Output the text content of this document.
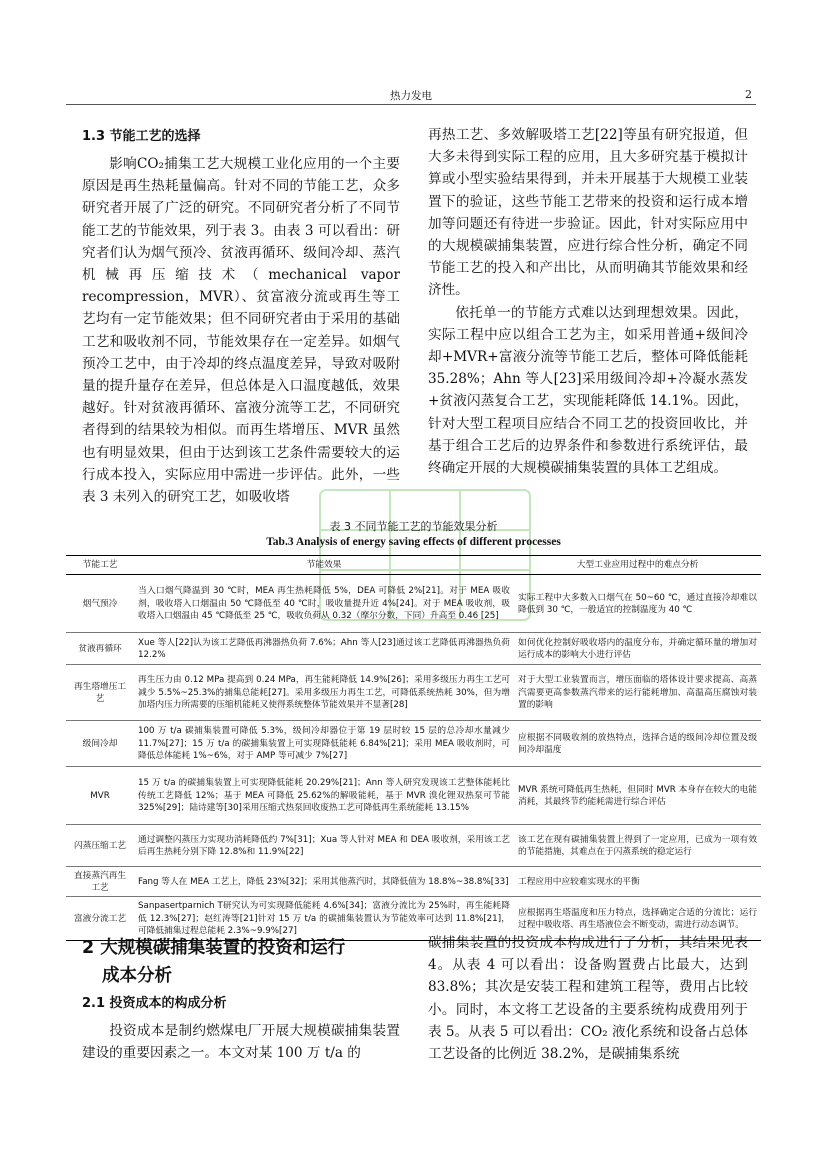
热力发电	2
1.3 节能工艺的选择

影响CO₂捕集工艺大规模工业化应用的一个主要原因是再生热耗量偏高。针对不同的节能工艺，众多研究者开展了广泛的研究。不同研究者分析了不同节能工艺的节能效果，列于表 3。由表 3 可以看出：研究者们认为烟气预冷、贫液再循环、级间冷却、蒸汽机械再压缩技术（mechanical vapor recompression，MVR）、贫富液分流或再生等工艺均有一定节能效果；但不同研究者由于采用的基础工艺和吸收剂不同，节能效果存在一定差异。如烟气预冷工艺中，由于冷却的终点温度差异，导致对吸附量的提升量存在差异，但总体是入口温度越低，效果越好。针对贫液再循环、富液分流等工艺，不同研究者得到的结果较为相似。而再生塔增压、MVR 虽然也有明显效果，但由于达到该工艺条件需要较大的运行成本投入，实际应用中需进一步评估。此外，一些表 3 未列入的研究工艺，如吸收塔

再热工艺、多效解吸塔工艺[22]等虽有研究报道，但大多未得到实际工程的应用，且大多研究基于模拟计算或小型实验结果得到，并未开展基于大规模工业装置下的验证，这些节能工艺带来的投资和运行成本增加等问题还有待进一步验证。因此，针对实际应用中的大规模碳捕集装置，应进行综合性分析，确定不同节能工艺的投入和产出比，从而明确其节能效果和经济性。

依托单一的节能方式难以达到理想效果。因此，实际工程中应以组合工艺为主，如采用普通+级间冷却+MVR+富液分流等节能工艺后，整体可降低能耗 35.28%；Ahn 等人[23]采用级间冷却+冷凝水蒸发+贫液闪蒸复合工艺，实现能耗降低 14.1%。因此，针对大型工程项目应结合不同工艺的投资回收比，并基于组合工艺后的边界条件和参数进行系统评估，最终确定开展的大规模碳捕集装置的具体工艺组成。

表 3 不同节能工艺的节能效果分析
Tab.3 Analysis of energy saving effects of different processes
节能工艺	节能效果	大型工业应用过程中的难点分析
烟气预冷	当入口烟气降温到 30 ℃时，MEA 再生热耗降低 5%，DEA 可降低 2%[21]。对于 MEA 吸收剂，吸收塔入口烟温由 50 ℃降低至 40 ℃时，吸收量提升近 4%[24]。对于 MEA 吸收剂，吸收塔入口烟温由 45 ℃降低至 25 ℃，吸收负荷从 0.32（摩尔分数，下同）升高至 0.46 [25]	实际工程中大多数入口烟气在 50~60 ℃，通过直接冷却难以降低到 30 ℃，一般适宜的控制温度为 40 ℃
贫液再循环	Xue 等人[22]认为该工艺降低再沸器热负荷 7.6%；Ahn 等人[23]通过该工艺降低再沸器热负荷 12.2%	如何优化控制好吸收塔内的温度分布，并确定循环量的增加对运行成本的影响大小进行评估
再生塔增压工艺	再生压力由 0.12 MPa 提高到 0.24 MPa，再生能耗降低 14.9%[26]；采用多级压力再生工艺可减少 5.5%~25.3%的捕集总能耗[27]。采用多级压力再生工艺，可降低系统热耗 30%，但为增加塔内压力所需要的压缩机能耗又使得系统整体节能效果并不显著[28]	对于大型工业装置而言，增压面临的塔体设计要求提高、高蒸汽需要更高参数蒸汽带来的运行能耗增加、高温高压腐蚀对装置的影响
级间冷却	100 万 t/a 碳捕集装置可降低 5.3%，级间冷却器位于第 19 层时较 15 层的总冷却水量减少 11.7%[27]；15 万 t/a 的碳捕集装置上可实现降低能耗 6.84%[21]；采用 MEA 吸收剂时，可降低总体能耗 1%~6%，对于 AMP 等可减少 7%[27]	应根据不同吸收剂的放热特点，选择合适的级间冷却位置及级间冷却温度
MVR	15 万 t/a 的碳捕集装置上可实现降低能耗 20.29%[21]；Ann 等人研究发现该工艺整体能耗比传统工艺降低 12%；基于 MEA 可降低 25.62%的解吸能耗，基于 MVR 溴化锂双热泵可节能 325%[29]；陆诗建等[30]采用压缩式热泵回收废热工艺可降低再生系统能耗 13.15%	MVR 系统可降低再生热耗，但同时 MVR 本身存在较大的电能消耗，其最终节约能耗需进行综合评估
闪蒸压缩工艺	通过调整闪蒸压力实现功消耗降低约 7%[31]；Xua 等人针对 MEA 和 DEA 吸收剂，采用该工艺后再生热耗分别下降 12.8%和 11.9%[22]	该工艺在现有碳捕集装置上得到了一定应用，已成为一项有效的节能措施，其难点在于闪蒸系统的稳定运行
直接蒸汽再生工艺	Fang 等人在 MEA 工艺上，降低 23%[32]；采用其他蒸汽时，其降低值为 18.8%~38.8%[33]	工程应用中应较难实现水的平衡
富液分流工艺	Sanpasertparnich T研究认为可实现降低能耗 4.6%[34]；富液分流比为 25%时，再生能耗降低 12.3%[27]；赵红涛等[21]针对 15 万 t/a 的碳捕集装置认为节能效率可达到 11.8%[21]，可降低捕集过程总能耗 2.3%~9.9%[27]	应根据再生塔温度和压力特点，选择确定合适的分流比；运行过程中吸收塔、再生塔液位会不断变动，需进行动态调节。
2 大规模碳捕集装置的投资和运行
成本分析
2.1 投资成本的构成分析

投资成本是制约燃煤电厂开展大规模碳捕集装置建设的重要因素之一。本文对某 100 万 t/a 的

碳捕集装置的投资成本构成进行了分析，其结果见表 4。从表 4 可以看出：设备购置费占比最大，达到 83.8%；其次是安装工程和建筑工程等，费用占比较小。同时，本文将工艺设备的主要系统构成费用列于表 5。从表 5 可以看出：CO₂ 液化系统和设备占总体工艺设备的比例近 38.2%，是碳捕集系统
